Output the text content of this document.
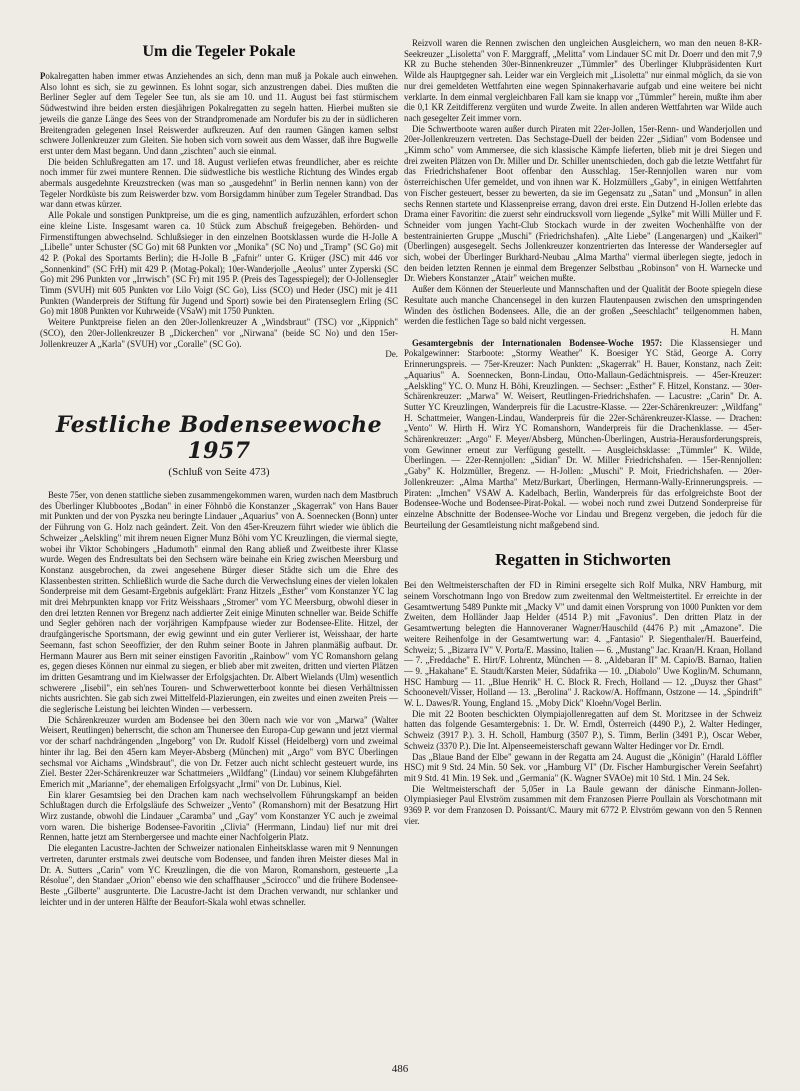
Um die Tegeler Pokale

Pokalregatten haben immer etwas Anziehendes an sich, denn man muß ja Pokale auch einwehen. Also lohnt es sich, sie zu gewinnen. Es lohnt sogar, sich anzustrengen dabei. Dies mußten die Berliner Segler auf dem Tegeler See tun, als sie am 10. und 11. August bei fast stürmischem Südwestwind ihre beiden ersten diesjährigen Pokalregatten zu segeln hatten. Hierbei mußten sie jeweils die ganze Länge des Sees von der Strandpromenade am Nordufer bis zu der in südlicheren Breitengraden gelegenen Insel Reiswerder aufkreuzen. Auf den raumen Gängen kamen selbst schwere Jollenkreuzer zum Gleiten. Sie hoben sich vorn soweit aus dem Wasser, daß ihre Bugwelle erst unter dem Mast begann. Und dann „zischten" auch sie einmal.

Die beiden Schlußregatten am 17. und 18. August verliefen etwas freundlicher, aber es reichte noch immer für zwei muntere Rennen. Die südwestliche bis westliche Richtung des Windes ergab abermals ausgedehnte Kreuzstrecken (was man so „ausgedehnt" in Berlin nennen kann) von der Tegeler Nordküste bis zum Reiswerder bzw. vom Borsigdamm hinüber zum Tegeler Strandbad. Das war dann etwas kürzer.

Alle Pokale und sonstigen Punktpreise, um die es ging, namentlich aufzuzählen, erfordert schon eine kleine Liste. Insgesamt waren ca. 10 Stück zum Abschuß freigegeben. Behörden- und Firmenstiftungen abwechselnd. Schlußsieger in den einzelnen Bootsklassen wurde die H-Jolle A „Libelle" unter Schuster (SC Go) mit 68 Punkten vor „Monika" (SC No) und „Tramp" (SC Go) mit 42 P. (Pokal des Sportamts Berlin); die H-Jolle B „Fafnir" unter G. Krüger (JSC) mit 446 vor „Sonnenkind" (SC FrH) mit 429 P. (Motag-Pokal); 10er-Wanderjolle „Aeolus" unter Zyperski (SC Go) mit 296 Punkten vor „Irrwisch" (SC Fr) mit 195 P. (Preis des Tagesspiegel); der O-Jollensegler Timm (SVUH) mit 605 Punkten vor Lilo Voigt (SC Go), Liss (SCO) und Heder (JSC) mit je 411 Punkten (Wanderpreis der Stiftung für Jugend und Sport) sowie bei den Piratenseglern Erling (SC Go) mit 1808 Punkten vor Kuhrweide (VSaW) mit 1750 Punkten.

Weitere Punktpreise fielen an den 20er-Jollenkreuzer A „Windsbraut" (TSC) vor „Kippnich" (SCO), den 20er-Jollenkreuzer B „Dickerchen" vor „Nirwana" (beide SC No) und den 15er-Jollenkreuzer A „Karla" (SVUH) vor „Coralle" (SC Go).

De.

Festliche Bodenseewoche 1957
(Schluß von Seite 473)

Beste 75er, von denen stattliche sieben zusammengekommen waren, wurden nach dem Mastbruch des Überlinger Klubbootes „Bodan" in einer Föhnbö die Konstanzer „Skagerrak" von Hans Bauer mit Punkten und der von Pyszka neu beringte Lindauer „Aquarius" von A. Soennecken (Bonn) unter der Führung von G. Holz nach geändert. Zeit. Von den 45er-Kreuzern führt wieder wie üblich die Schweizer „Aelskling" mit ihrem neuen Eigner Munz Böhi vom YC Kreuzlingen, die viermal siegte, wobei ihr Viktor Schobingers „Hadumoth" einmal den Rang abließ und Zweitbeste ihrer Klasse wurde. Wegen des Endresultats bei den Sechsern wäre beinahe ein Krieg zwischen Meersburg und Konstanz ausgebrochen, da zwei angesehene Bürger dieser Städte sich um die Ehre des Klassenbesten stritten. Schließlich wurde die Sache durch die Verwechslung eines der vielen lokalen Sonderpreise mit dem Gesamt-Ergebnis aufgeklärt: Franz Hitzels „Esther" vom Konstanzer YC lag mit drei Mehrpunkten knapp vor Fritz Weisshaars „Stromer" vom YC Meersburg, obwohl dieser in den drei letzten Rennen vor Bregenz nach addierter Zeit einige Minuten schneller war. Beide Schiffe und Segler gehören nach der vorjährigen Kampfpause wieder zur Bodensee-Elite. Hitzel, der draufgängerische Sportsmann, der ewig gewinnt und ein guter Verlierer ist, Weisshaar, der harte Seemann, fast schon Seeoffizier, der den Ruhm seiner Boote in Jahren planmäßig aufbaut. Dr. Hermann Maurer aus Bern mit seiner einstigen Favoritin „Rainbow" vom YC Romanshorn gelang es, gegen dieses Können nur einmal zu siegen, er blieb aber mit zweiten, dritten und vierten Plätzen im dritten Gesamtrang und im Kielwasser der Erfolgsjachten. Dr. Albert Wielands (Ulm) wesentlich schwerere „Iisebil", ein seh'nes Touren- und Schwerwetterboot konnte bei diesen Verhältnissen nichts ausrichten. Sie gab sich zwei Mittelfeld-Plazierungen, ein zweites und einen zweiten Preis — die seglerische Leistung bei leichten Winden — verbessern.

Die Schärenkreuzer wurden am Bodensee bei den 30ern nach wie vor von „Marwa" (Walter Weisert, Reutlingen) beherrscht, die schon am Thunersee den Europa-Cup gewann und jetzt viermal vor der scharf nachdrängenden „Ingeborg" von Dr. Rudolf Kissel (Heidelberg) vorn und zweimal hinter ihr lag. Bei den 45ern kam Meyer-Absberg (München) mit „Argo" vom BYC Überlingen sechsmal vor Aichams „Windsbraut", die von Dr. Fetzer auch nicht schlecht gesteuert wurde, ins Ziel. Bester 22er-Schärenkreuzer war Schattmeiers „Wildfang" (Lindau) vor seinem Klubgefährten Emerich mit „Marianne", der ehemaligen Erfolgsyacht „Irmi" von Dr. Lubinus, Kiel.

Ein klarer Gesamtsieg bei den Drachen kam nach wechselvollem Führungskampf an beiden Schlußtagen durch die Erfolgsläufe des Schweizer „Vento" (Romanshorn) mit der Besatzung Hirt Wirz zustande, obwohl die Lindauer „Caramba" und „Gay" vom Konstanzer YC auch je zweimal vorn waren. Die bisherige Bodensee-Favoritin „Clivia" (Herrmann, Lindau) lief nur mit drei Rennen, hatte jetzt am Sternbergersee und machte einer Nachfolgerin Platz.

Die eleganten Lacustre-Jachten der Schweizer nationalen Einheitsklasse waren mit 9 Nennungen vertreten, darunter erstmals zwei deutsche vom Bodensee, und fanden ihren Meister dieses Mal in Dr. A. Sutters „Carin" vom YC Kreuzlingen, die die von Maron, Romanshorn, gesteuerte „La Résolue", den Standaer „Orion" ebenso wie den schaffhauser „Scirocco" und die frühere Bodensee-Beste „Gilberte" ausgrunterte. Die Lacustre-Jacht ist dem Drachen verwandt, nur schlanker und leichter und in der unteren Hälfte der Beaufort-Skala wohl etwas schneller.

Reizvoll waren die Rennen zwischen den ungleichen Ausgleichern, wo man den neuen 8-KR-Seekreuzer „Lisoletta" von F. Marggraff, „Melitta" vom Lindauer SC mit Dr. Doerr und den mit 7,9 KR zu Buche stehenden 30er-Binnenkreuzer „Tümmler" des Überlinger Klubpräsidenten Kurt Wilde als Hauptgegner sah. Leider war ein Vergleich mit „Lisoletta" nur einmal möglich, da sie von nur drei gemeldeten Wettfahrten eine wegen Spinnakerhavarie aufgab und eine weitere bei nicht verklarte. In dem einmal vergleichbaren Fall kam sie knapp vor „Tümmler" herein, mußte ihm aber die 0,1 KR Zeitdifferenz vergüten und wurde Zweite. In allen anderen Wettfahrten war Wilde auch nach gesegelter Zeit immer vorn.

Die Schwertboote waren außer durch Piraten mit 22er-Jollen, 15er-Renn- und Wanderjollen und 20er-Jollenkreuzern vertreten. Das Sechstage-Duell der beiden 22er „Sidian" vom Bodensee und „Kimm scho" vom Ammersee, die sich klassische Kämpfe lieferten, blieb mit je drei Siegen und drei zweiten Plätzen von Dr. Miller und Dr. Schiller unentschieden, doch gab die letzte Wettfahrt für das Friedrichshafener Boot offenbar den Ausschlag. 15er-Rennjollen waren nur vom österreichischen Ufer gemeldet, und von ihnen war K. Holzmüllers „Gaby", in einigen Wettfahrten von Fischer gesteuert, besser zu bewerten, da sie im Gegensatz zu „Satan" und „Monsun" in allen sechs Rennen startete und Klassenpreise errang, davon drei erste. Ein Dutzend H-Jollen erlebte das Drama einer Favoritin: die zuerst sehr eindrucksvoll vorn liegende „Sylke" mit Willi Müller und F. Schneider vom jungen Yacht-Club Stockach wurde in der zweiten Wochenhälfte von der bestentrainierten Gruppe „Muschi" (Friedrichshafen). „Alte Liebe" (Langenargen) und „Kaikerl" (Überlingen) ausgesegelt. Sechs Jollenkreuzer konzentrierten das Interesse der Wandersegler auf sich, wobei der Überlinger Burkhard-Neubau „Alma Martha" viermal überlegen siegte, jedoch in den beiden letzten Rennen je einmal dem Bregenzer Selbstbau „Robinson" von H. Warnecke und Dr. Wiebers Konstanzer „Atair" weichen mußte.

Außer dem Können der Steuerleute und Mannschaften und der Qualität der Boote spiegeln diese Resultate auch manche Chancensegel in den kurzen Flautenpausen zwischen den umspringenden Winden des östlichen Bodensees. Alle, die an der großen „Seeschlacht" teilgenommen haben, werden die festlichen Tage so bald nicht vergessen.

H. Mann

Gesamtergebnis der Internationalen Bodensee-Woche 1957: Die Klassensieger und Pokalgewinner: Starboote: „Stormy Weather" K. Boesiger YC Städ, George A. Corry Erinnerungspreis. — 75er-Kreuzer: Nach Punkten: „Skagerrak" H. Bauer, Konstanz, nach Zeit: „Aquarius" A. Soennecken, Bonn-Lindau, Otto-Mallaun-Gedächtnispreis. — 45er-Kreuzer: „Aelskling" YC. O. Munz H. Böhi, Kreuzlingen. — Sechser: „Esther" F. Hitzel, Konstanz. — 30er-Schärenkreuzer: „Marwa" W. Weisert, Reutlingen-Friedrichshafen. — Lacustre: „Carin" Dr. A. Sutter YC Kreuzlingen, Wanderpreis für die Lacustre-Klasse. — 22er-Schärenkreuzer: „Wildfang" H. Schattmeier, Wangen-Lindau, Wanderpreis für die 22er-Schärenkreuzer-Klasse. — Drachen: „Vento" W. Hirth H. Wirz YC Romanshorn, Wanderpreis für die Drachenklasse. — 45er-Schärenkreuzer: „Argo" F. Meyer/Absberg, München-Überlingen, Austria-Herausforderungspreis, vom Gewinner erneut zur Verfügung gestellt. — Ausgleichsklasse: „Tümmler" K. Wilde, Überlingen. — 22er-Rennjollen: „Sidian" Dr. W. Miller Friedrichshafen. — 15er-Rennjollen: „Gaby" K. Holzmüller, Bregenz. — H-Jollen: „Muschi" P. Moit, Friedrichshafen. — 20er-Jollenkreuzer: „Alma Martha" Metz/Burkart, Überlingen, Hermann-Wally-Erinnerungspreis. — Piraten: „Imchen" VSAW A. Kadelbach, Berlin, Wanderpreis für das erfolgreichste Boot der Bodensee-Woche und Bodensee-Pirat-Pokal. — wobei noch rund zwei Dutzend Sonderpreise für einzelne Abschnitte der Bodensee-Woche vor Lindau und Bregenz vergeben, die jedoch für die Beurteilung der Gesamtleistung nicht maßgebend sind.

Regatten in Stichworten

Bei den Weltmeisterschaften der FD in Rimini ersegelte sich Rolf Mulka, NRV Hamburg, mit seinem Vorschotmann Ingo von Bredow zum zweitenmal den Weltmeistertitel. Er erreichte in der Gesamtwertung 5489 Punkte mit „Macky V" und damit einen Vorsprung von 1000 Punkten vor dem Zweiten, dem Holländer Jaap Helder (4514 P.) mit „Favonius". Den dritten Platz in der Gesamtwertung belegten die Hannoveraner Wagner/Hauschild (4476 P.) mit „Amazone". Die weitere Reihenfolge in der Gesamtwertung war: 4. „Fantasio" P. Siegenthaler/H. Bauerfeind, Schweiz; 5. „Bizarra IV" V. Porta/E. Massino, Italien — 6. „Mustang" Jac. Kraan/H. Kraan, Holland — 7. „Freddache" E. Hirt/F. Lohrentz, München — 8. „Aldebaran II" M. Capio/B. Barnao, Italien — 9. „Hakahane" E. Staudt/Karsten Meier, Südafrika — 10. „Diabolo" Uwe Koglin/M. Schumann, HSC Hamburg — 11. „Blue Henrik" H. C. Block R. Frech, Holland — 12. „Duysz ther Ghast" Schoonevelt/Visser, Holland — 13. „Berolina" J. Rackow/A. Hoffmann, Ostzone — 14. „Spindrift" W. L. Dawes/R. Young, England 15. „Moby Dick" Kloehn/Vogel Berlin.

Die mit 22 Booten beschickten Olympiajollenregatten auf dem St. Moritzsee in der Schweiz hatten das folgende Gesamtergebnis: 1. Dr. W. Erndl, Österreich (4490 P.), 2. Walter Hedinger, Schweiz (3917 P.). 3. H. Scholl, Hamburg (3507 P.), S. Timm, Berlin (3491 P.), Oscar Weber, Schweiz (3370 P.). Die Int. Alpenseemeisterschaft gewann Walter Hedinger vor Dr. Erndl.

Das „Blaue Band der Elbe" gewann in der Regatta am 24. August die „Königin" (Harald Löffler HSC) mit 9 Std. 24 Min. 50 Sek. vor „Hamburg VI" (Dr. Fischer Hamburgischer Verein Seefahrt) mit 9 Std. 41 Min. 19 Sek. und „Germania" (K. Wagner SVAOe) mit 10 Std. 1 Min. 24 Sek.

Die Weltmeisterschaft der 5,05er in La Baule gewann der dänische Einmann-Jollen-Olympiasieger Paul Elvström zusammen mit dem Franzosen Pierre Poullain als Vorschotmann mit 9369 P. vor dem Franzosen D. Poissant/C. Maury mit 6772 P. Elvström gewann von den 5 Rennen vier.

486
